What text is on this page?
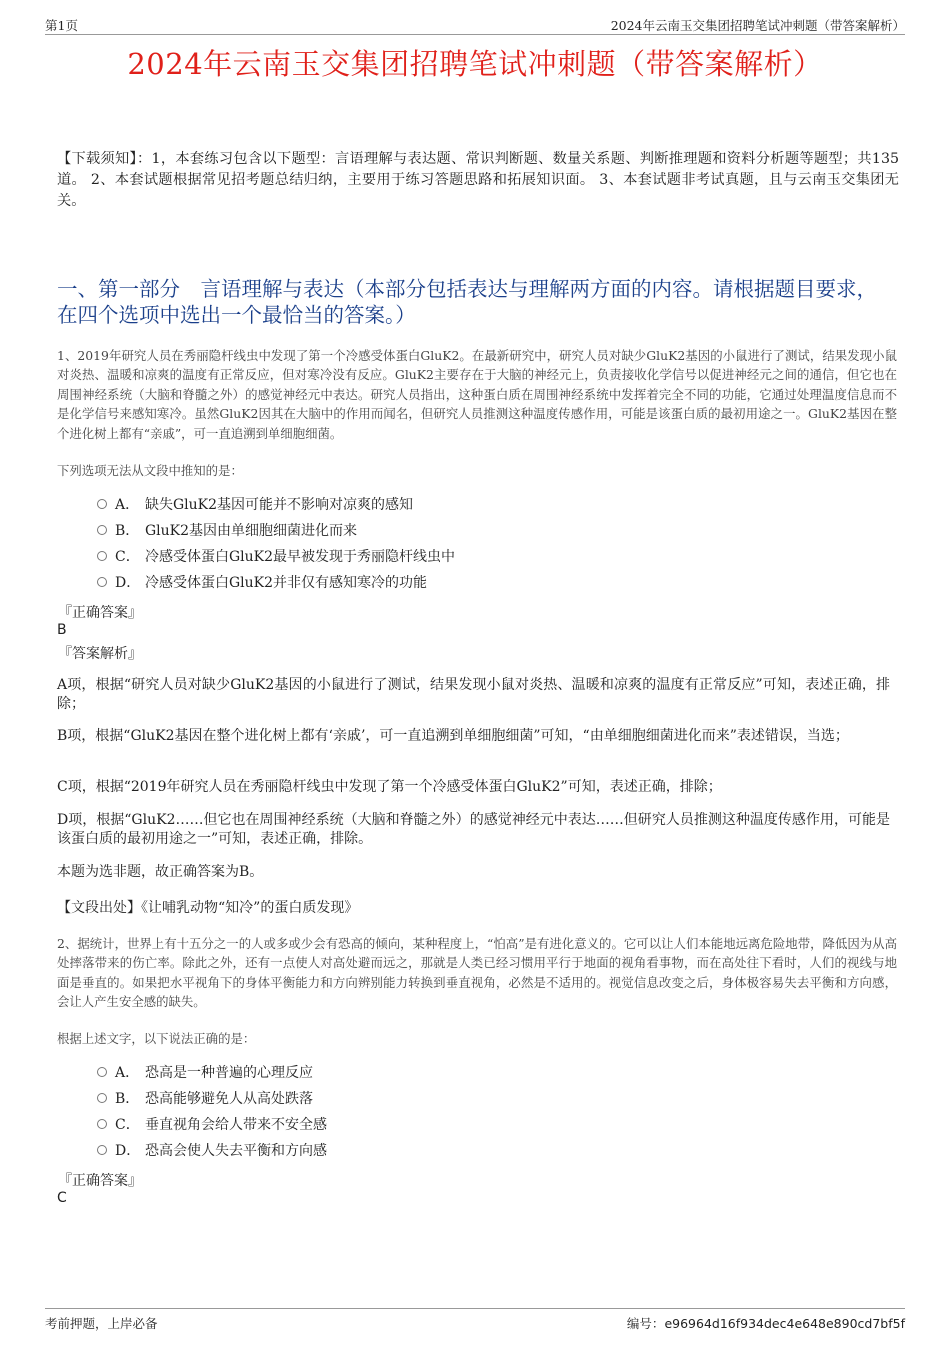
第1页	2024年云南玉交集团招聘笔试冲刺题（带答案解析）
2024年云南玉交集团招聘笔试冲刺题（带答案解析）
【下载须知】：1，本套练习包含以下题型：言语理解与表达题、常识判断题、数量关系题、判断推理题和资料分析题等题型；共135道。 2、本套试题根据常见招考题总结归纳，主要用于练习答题思路和拓展知识面。 3、本套试题非考试真题，且与云南玉交集团无关。
一、第一部分　言语理解与表达（本部分包括表达与理解两方面的内容。请根据题目要求，在四个选项中选出一个最恰当的答案。）
1、2019年研究人员在秀丽隐杆线虫中发现了第一个冷感受体蛋白GluK2。在最新研究中，研究人员对缺少GluK2基因的小鼠进行了测试，结果发现小鼠对炎热、温暖和凉爽的温度有正常反应，但对寒冷没有反应。GluK2主要存在于大脑的神经元上，负责接收化学信号以促进神经元之间的通信，但它也在周围神经系统（大脑和脊髓之外）的感觉神经元中表达。研究人员指出，这种蛋白质在周围神经系统中发挥着完全不同的功能，它通过处理温度信息而不是化学信号来感知寒冷。虽然GluK2因其在大脑中的作用而闻名，但研究人员推测这种温度传感作用，可能是该蛋白质的最初用途之一。GluK2基因在整个进化树上都有“亲戚”，可一直追溯到单细胞细菌。
下列选项无法从文段中推知的是：
A． 缺失GluK2基因可能并不影响对凉爽的感知
B． GluK2基因由单细胞细菌进化而来
C． 冷感受体蛋白GluK2最早被发现于秀丽隐杆线虫中
D． 冷感受体蛋白GluK2并非仅有感知寒冷的功能
『正确答案』
B
『答案解析』
A项，根据“研究人员对缺少GluK2基因的小鼠进行了测试，结果发现小鼠对炎热、温暖和凉爽的温度有正常反应”可知，表述正确，排除；
B项，根据“GluK2基因在整个进化树上都有‘亲戚’，可一直追溯到单细胞细菌”可知，“由单细胞细菌进化而来”表述错误，当选；
C项，根据“2019年研究人员在秀丽隐杆线虫中发现了第一个冷感受体蛋白GluK2”可知，表述正确，排除；
D项，根据“GluK2……但它也在周围神经系统（大脑和脊髓之外）的感觉神经元中表达……但研究人员推测这种温度传感作用，可能是该蛋白质的最初用途之一”可知，表述正确，排除。
本题为选非题，故正确答案为B。
【文段出处】《让哺乳动物“知冷”的蛋白质发现》
2、据统计，世界上有十五分之一的人或多或少会有恐高的倾向，某种程度上，“怕高”是有进化意义的。它可以让人们本能地远离危险地带，降低因为从高处摔落带来的伤亡率。除此之外，还有一点使人对高处避而远之，那就是人类已经习惯用平行于地面的视角看事物，而在高处往下看时，人们的视线与地面是垂直的。如果把水平视角下的身体平衡能力和方向辨别能力转换到垂直视角，必然是不适用的。视觉信息改变之后，身体极容易失去平衡和方向感，会让人产生安全感的缺失。
根据上述文字，以下说法正确的是：
A． 恐高是一种普遍的心理反应
B． 恐高能够避免人从高处跌落
C． 垂直视角会给人带来不安全感
D． 恐高会使人失去平衡和方向感
『正确答案』
C
考前押题，上岸必备	编号：e96964d16f934dec4e648e890cd7bf5f
